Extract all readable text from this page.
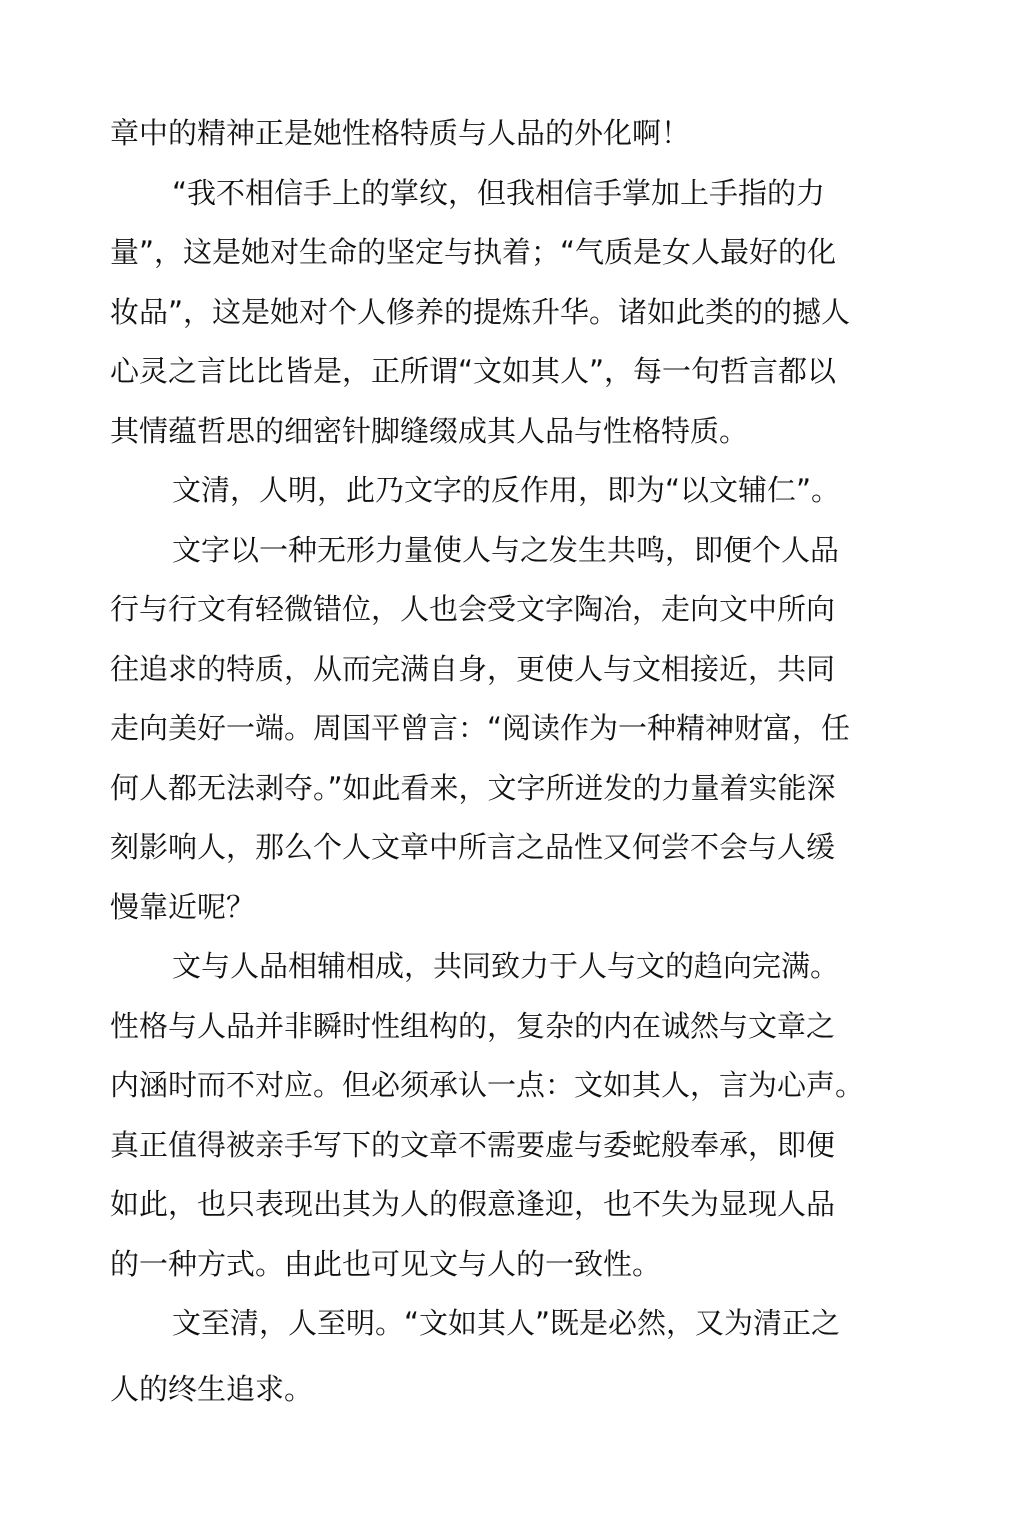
章中的精神正是她性格特质与人品的外化啊！
“我不相信手上的掌纹，但我相信手掌加上手指的力
量”，这是她对生命的坚定与执着；“气质是女人最好的化
妆品”，这是她对个人修养的提炼升华。诸如此类的的撼人
心灵之言比比皆是，正所谓“文如其人”，每一句哲言都以
其情蕴哲思的细密针脚缝缀成其人品与性格特质。
文清，人明，此乃文字的反作用，即为“以文辅仁”。
文字以一种无形力量使人与之发生共鸣，即便个人品
行与行文有轻微错位，人也会受文字陶冶，走向文中所向
往追求的特质，从而完满自身，更使人与文相接近，共同
走向美好一端。周国平曾言：“阅读作为一种精神财富，任
何人都无法剥夺。”如此看来，文字所迸发的力量着实能深
刻影响人，那么个人文章中所言之品性又何尝不会与人缓
慢靠近呢？
文与人品相辅相成，共同致力于人与文的趋向完满。
性格与人品并非瞬时性组构的，复杂的内在诚然与文章之
内涵时而不对应。但必须承认一点：文如其人，言为心声。
真正值得被亲手写下的文章不需要虚与委蛇般奉承，即便
如此，也只表现出其为人的假意逢迎，也不失为显现人品
的一种方式。由此也可见文与人的一致性。
文至清，人至明。“文如其人”既是必然，又为清正之
人的终生追求。
